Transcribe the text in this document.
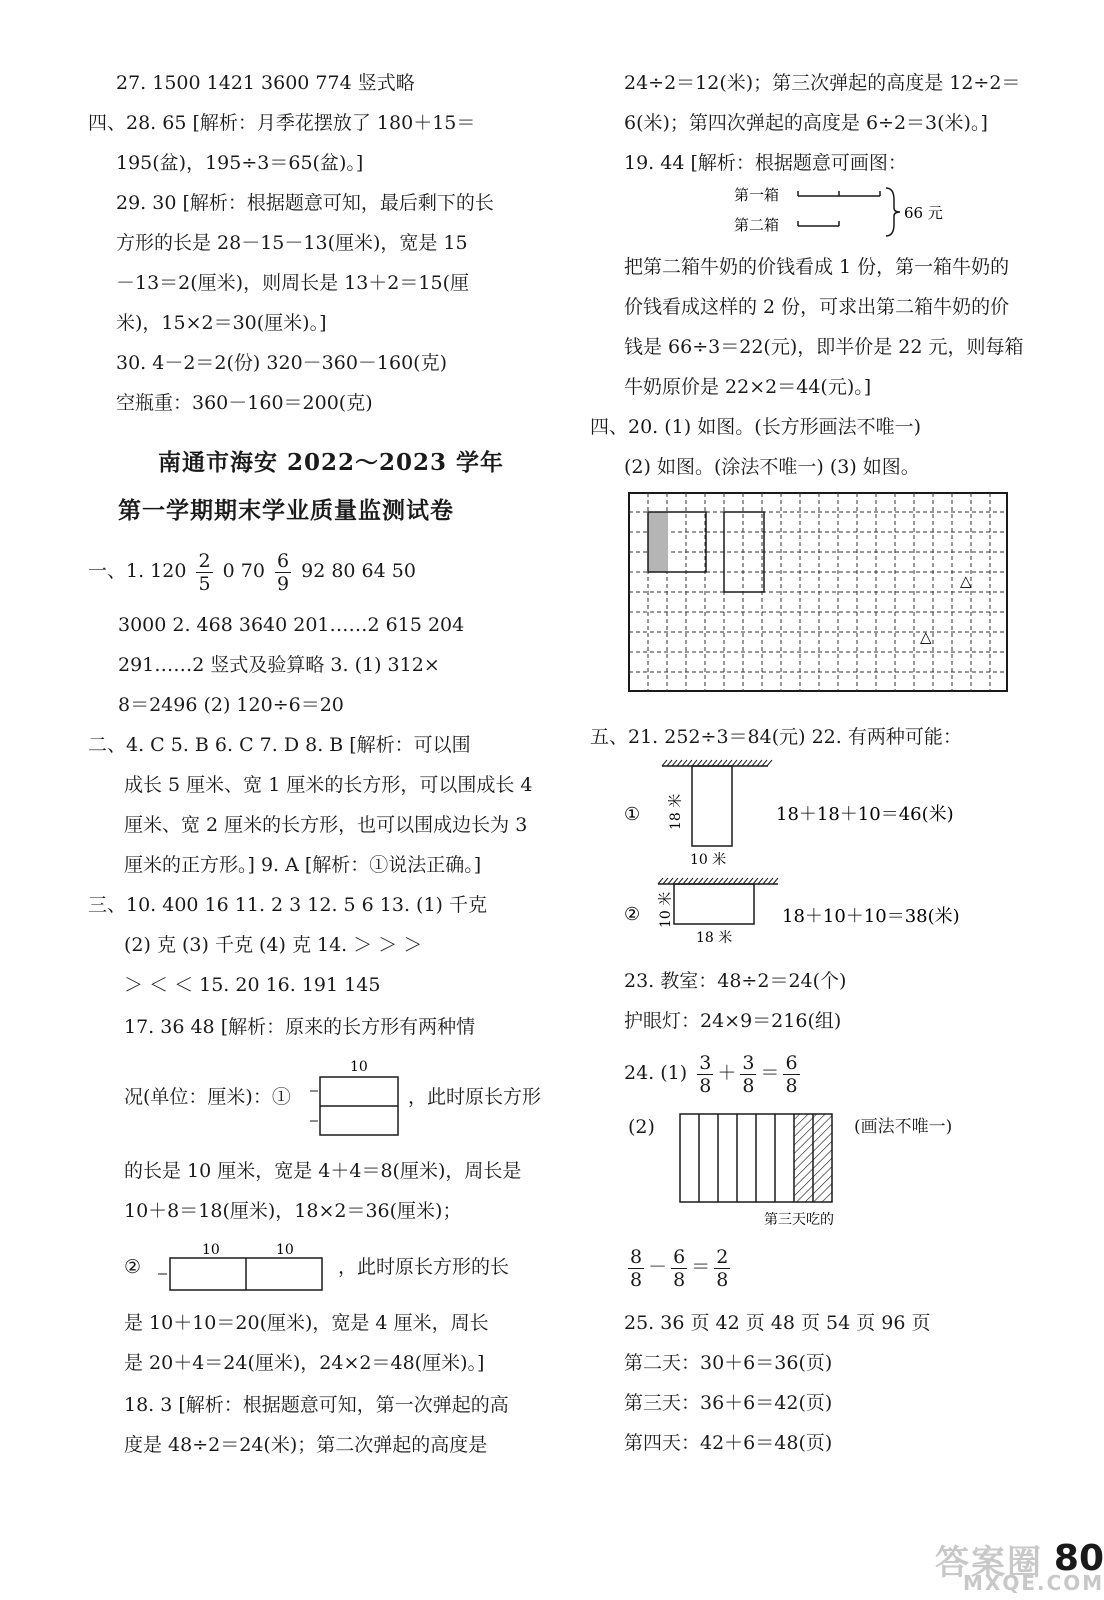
27. 1500 1421 3600 774 竖式略
四、28. 65 [解析：月季花摆放了 180＋15＝
195(盆)，195÷3＝65(盆)。]
29. 30 [解析：根据题意可知，最后剩下的长
方形的长是 28－15－13(厘米)，宽是 15
－13＝2(厘米)，则周长是 13＋2＝15(厘
米)，15×2＝30(厘米)。]
30. 4－2＝2(份) 320－360－160(克)
空瓶重：360－160＝200(克)
南通市海安 2022～2023 学年
第一学期期末学业质量监测试卷
一、1. $120 \frac{2}{5} 0$ $70 \frac{6}{9} 92$ 80 64 50
3000 2. 468 3640 201……2 615 204
291……2 竖式及验算略 3. (1) 312×
8＝2496 (2) 120÷6＝20
二、4. C 5. B 6. C 7. D 8. B [解析：可以围
成长 5 厘米、宽 1 厘米的长方形，可以围成长 4
厘米、宽 2 厘米的长方形，也可以围成边长为 3
厘米的正方形。] 9. A [解析：①说法正确。]
三、10. 400 16 11. 2 3 12. 5 6 13. (1) 千克
(2) 克 (3) 千克 (4) 克 14. ＞ ＞ ＞
＞ ＜ ＜ 15. 20 16. 191 145
17. 36 48 [解析：原来的长方形有两种情
况(单位：厘米)：①
10
，此时原长方形
的长是 10 厘米，宽是 4＋4＝8(厘米)，周长是
10＋8＝18(厘米)，18×2＝36(厘米)；
②
10	10
，此时原长方形的长
是 10＋10＝20(厘米)，宽是 4 厘米，周长
是 20＋4＝24(厘米)，24×2＝48(厘米)。]
18. 3 [解析：根据题意可知，第一次弹起的高
度是 48÷2＝24(米)；第二次弹起的高度是
24÷2＝12(米)；第三次弹起的高度是 12÷2＝
6(米)；第四次弹起的高度是 6÷2＝3(米)。]
19. 44 [解析：根据题意可画图：
第一箱
第二箱
66 元
把第二箱牛奶的价钱看成 1 份，第一箱牛奶的
价钱看成这样的 2 份，可求出第二箱牛奶的价
钱是 66÷3＝22(元)，即半价是 22 元，则每箱
牛奶原价是 22×2＝44(元)。]
四、20. (1) 如图。(长方形画法不唯一)
(2) 如图。(涂法不唯一) (3) 如图。
△
△
五、21. 252÷3＝84(元) 22. 有两种可能：
① 18 米
10 米
18＋18＋10＝46(米)
② 10 米
18 米
18＋10＋10＝38(米)
23. 教室：48÷2＝24(个)
护眼灯：24×9＝216(组)
24. $(1) \frac{3}{8} + \frac{3}{8} = \frac{6}{8}$
(2)
第三天吃的
(画法不唯一)
$\frac{8}{8} - \frac{6}{8} = \frac{2}{8}$
25. 36 页 42 页 48 页 54 页 96 页
第二天：30＋6＝36(页)
第三天：36＋6＝42(页)
第四天：42＋6＝48(页)
答案圈
MXQE.COM
80
